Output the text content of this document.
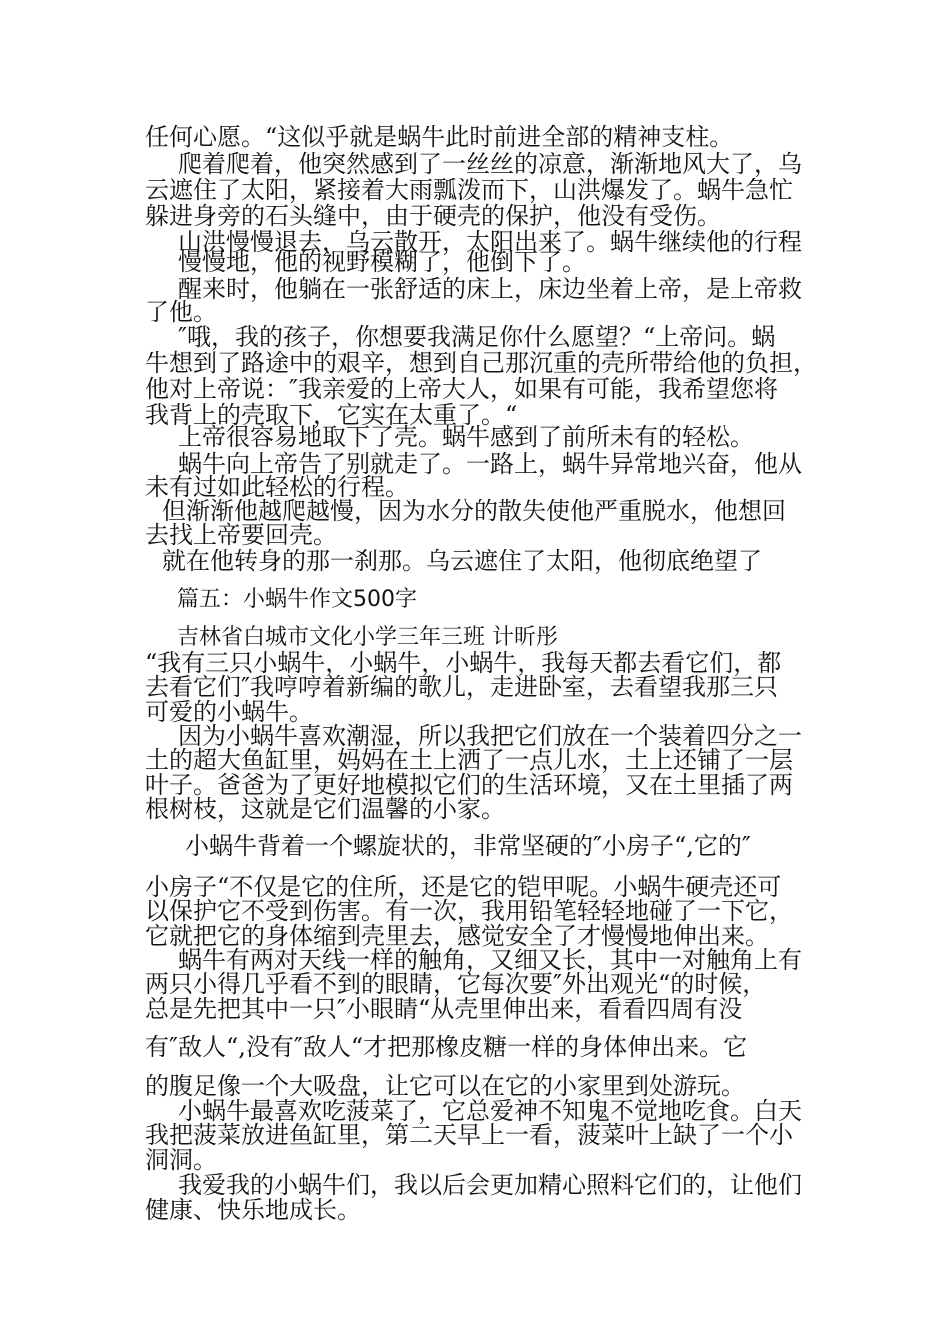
任何心愿。“这似乎就是蜗牛此时前进全部的精神支柱。
爬着爬着，他突然感到了一丝丝的凉意，渐渐地风大了，乌
云遮住了太阳，紧接着大雨瓢泼而下，山洪爆发了。蜗牛急忙
躲进身旁的石头缝中，由于硬壳的保护，他没有受伤。
山洪慢慢退去，乌云散开，太阳出来了。蜗牛继续他的行程
慢慢地，他的视野模糊了，他倒下了。
醒来时，他躺在一张舒适的床上，床边坐着上帝，是上帝救
了他。
″哦，我的孩子，你想要我满足你什么愿望？“上帝问。蜗
牛想到了路途中的艰辛，想到自己那沉重的壳所带给他的负担，
他对上帝说：″我亲爱的上帝大人，如果有可能，我希望您将
我背上的壳取下，它实在太重了。“
上帝很容易地取下了壳。蜗牛感到了前所未有的轻松。
蜗牛向上帝告了别就走了。一路上，蜗牛异常地兴奋，他从
未有过如此轻松的行程。
但渐渐他越爬越慢，因为水分的散失使他严重脱水，他想回
去找上帝要回壳。
就在他转身的那一刹那。乌云遮住了太阳，他彻底绝望了
篇五：小蜗牛作文500字
吉林省白城市文化小学三年三班 计昕彤
“我有三只小蜗牛，小蜗牛，小蜗牛，我每天都去看它们，都
去看它们″我哼哼着新编的歌儿，走进卧室，去看望我那三只
可爱的小蜗牛。
因为小蜗牛喜欢潮湿，所以我把它们放在一个装着四分之一
土的超大鱼缸里，妈妈在土上洒了一点儿水，土上还铺了一层
叶子。爸爸为了更好地模拟它们的生活环境，又在土里插了两
根树枝，这就是它们温馨的小家。
小蜗牛背着一个螺旋状的，非常坚硬的″小房子“,它的″
小房子“不仅是它的住所，还是它的铠甲呢。小蜗牛硬壳还可
以保护它不受到伤害。有一次，我用铅笔轻轻地碰了一下它，
它就把它的身体缩到壳里去，感觉安全了才慢慢地伸出来。
蜗牛有两对天线一样的触角，又细又长，其中一对触角上有
两只小得几乎看不到的眼睛，它每次要″外出观光“的时候，
总是先把其中一只″小眼睛“从壳里伸出来，看看四周有没
有″敌人“,没有″敌人“才把那橡皮糖一样的身体伸出来。它
的腹足像一个大吸盘，让它可以在它的小家里到处游玩。
小蜗牛最喜欢吃菠菜了，它总爱神不知鬼不觉地吃食。白天
我把菠菜放进鱼缸里，第二天早上一看，菠菜叶上缺了一个小
洞洞。
我爱我的小蜗牛们，我以后会更加精心照料它们的，让他们
健康、快乐地成长。
